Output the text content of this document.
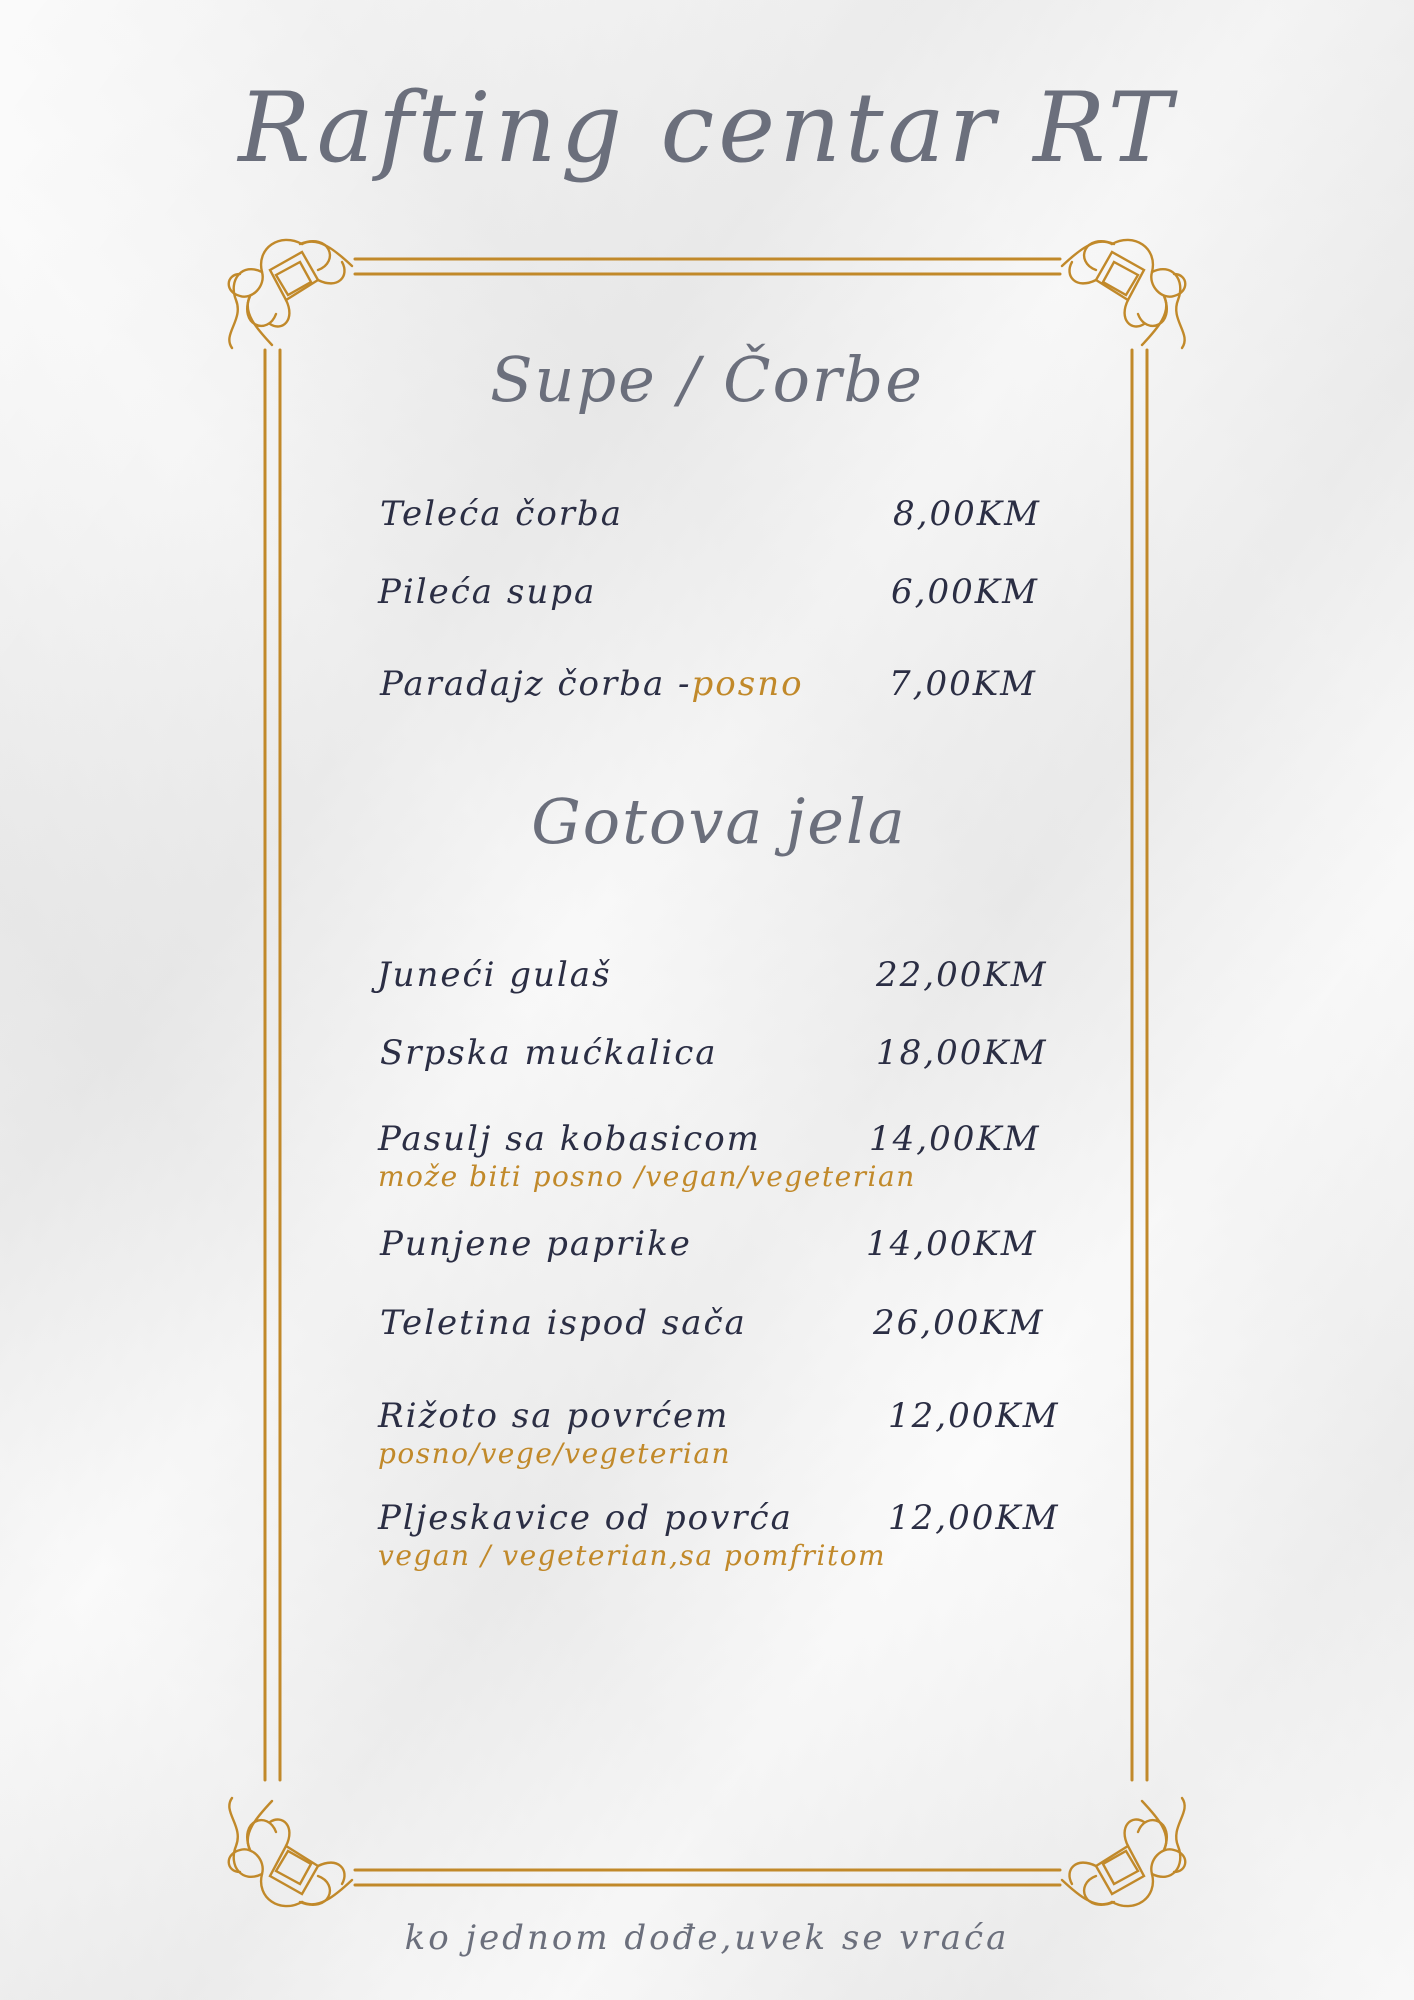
Rafting centar RT
Supe / Čorbe
Teleća čorba	8,00KM
Pileća supa	6,00KM
Paradajz čorba -posno	7,00KM
Gotova jela
Juneći gulaš	22,00KM
Srpska mućkalica	18,00KM
Pasulj sa kobasicom	14,00KM
može biti posno /vegan/vegeterian
Punjene paprike	14,00KM
Teletina ispod sača	26,00KM
Rižoto sa povrćem	12,00KM
posno/vege/vegeterian
Pljeskavice od povrća	12,00KM
vegan / vegeterian,sa pomfritom
ko jednom dođe,uvek se vraća
